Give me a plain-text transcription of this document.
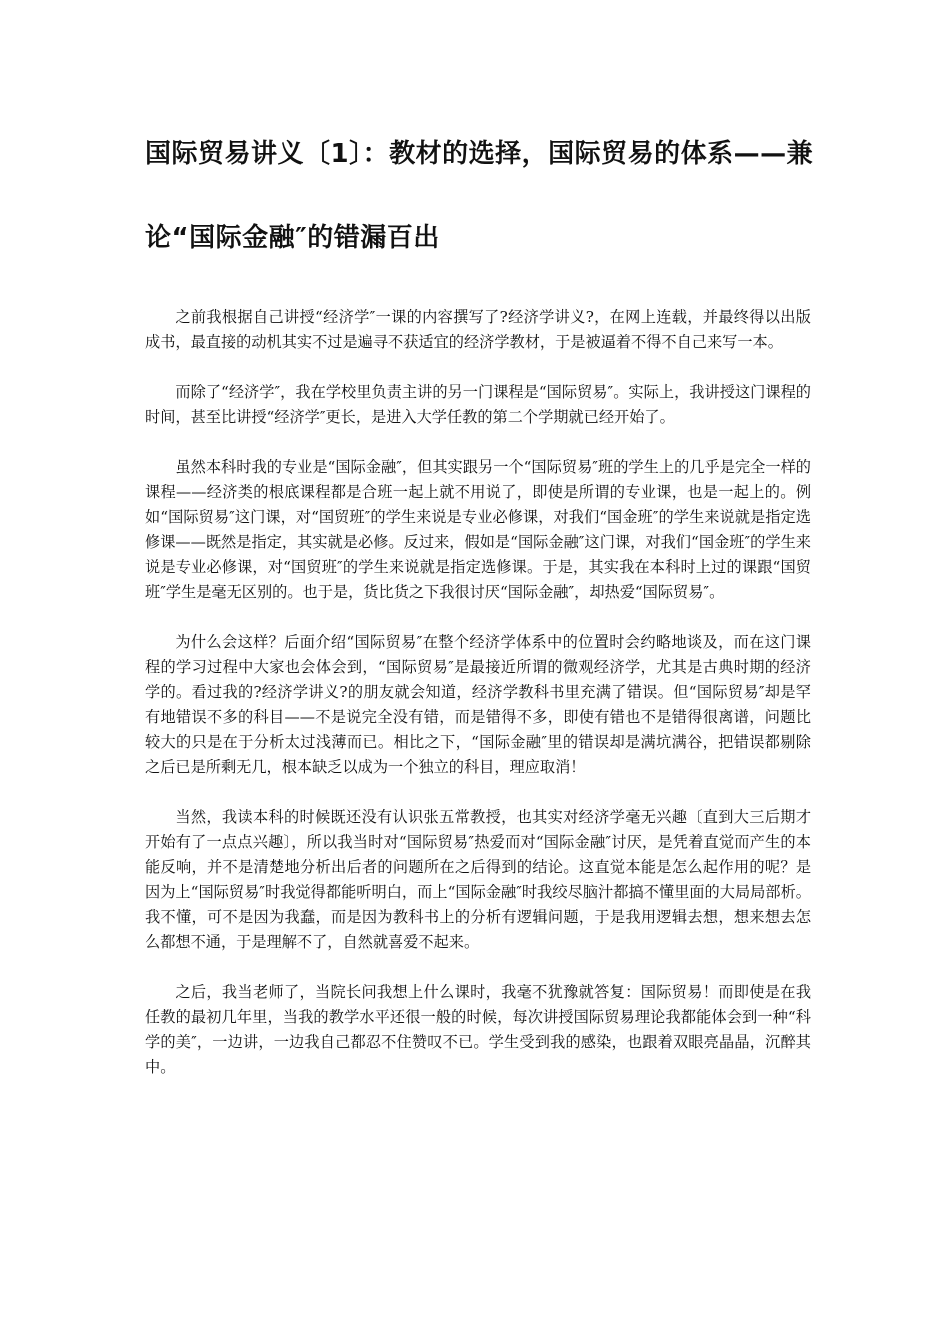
国际贸易讲义〔1〕：教材的选择，国际贸易的体系——兼
论“国际金融″的错漏百出

之前我根据自己讲授“经济学″一课的内容撰写了?经济学讲义?，在网上连载，并最终得以出版成书，最直接的动机其实不过是遍寻不获适宜的经济学教材，于是被逼着不得不自己来写一本。

而除了“经济学″，我在学校里负责主讲的另一门课程是“国际贸易″。实际上，我讲授这门课程的时间，甚至比讲授“经济学″更长，是进入大学任教的第二个学期就已经开始了。

虽然本科时我的专业是“国际金融″，但其实跟另一个“国际贸易″班的学生上的几乎是完全一样的课程——经济类的根底课程都是合班一起上就不用说了，即使是所谓的专业课，也是一起上的。例如“国际贸易″这门课，对“国贸班″的学生来说是专业必修课，对我们“国金班″的学生来说就是指定选修课——既然是指定，其实就是必修。反过来，假如是“国际金融″这门课，对我们“国金班″的学生来说是专业必修课，对“国贸班″的学生来说就是指定选修课。于是，其实我在本科时上过的课跟“国贸班″学生是毫无区别的。也于是，货比货之下我很讨厌“国际金融″，却热爱“国际贸易″。

为什么会这样？后面介绍“国际贸易″在整个经济学体系中的位置时会约略地谈及，而在这门课程的学习过程中大家也会体会到，“国际贸易″是最接近所谓的微观经济学，尤其是古典时期的经济学的。看过我的?经济学讲义?的朋友就会知道，经济学教科书里充满了错误。但“国际贸易″却是罕有地错误不多的科目——不是说完全没有错，而是错得不多，即使有错也不是错得很离谱，问题比较大的只是在于分析太过浅薄而已。相比之下，“国际金融″里的错误却是满坑满谷，把错误都剔除之后已是所剩无几，根本缺乏以成为一个独立的科目，理应取消！

当然，我读本科的时候既还没有认识张五常教授，也其实对经济学毫无兴趣〔直到大三后期才开始有了一点点兴趣〕，所以我当时对“国际贸易″热爱而对“国际金融″讨厌，是凭着直觉而产生的本能反响，并不是清楚地分析出后者的问题所在之后得到的结论。这直觉本能是怎么起作用的呢？是因为上“国际贸易″时我觉得都能听明白，而上“国际金融″时我绞尽脑汁都搞不懂里面的大局局部析。我不懂，可不是因为我蠢，而是因为教科书上的分析有逻辑问题，于是我用逻辑去想，想来想去怎么都想不通，于是理解不了，自然就喜爱不起来。

之后，我当老师了，当院长问我想上什么课时，我毫不犹豫就答复：国际贸易！而即使是在我任教的最初几年里，当我的教学水平还很一般的时候，每次讲授国际贸易理论我都能体会到一种“科学的美″，一边讲，一边我自己都忍不住赞叹不已。学生受到我的感染，也跟着双眼亮晶晶，沉醉其中。
